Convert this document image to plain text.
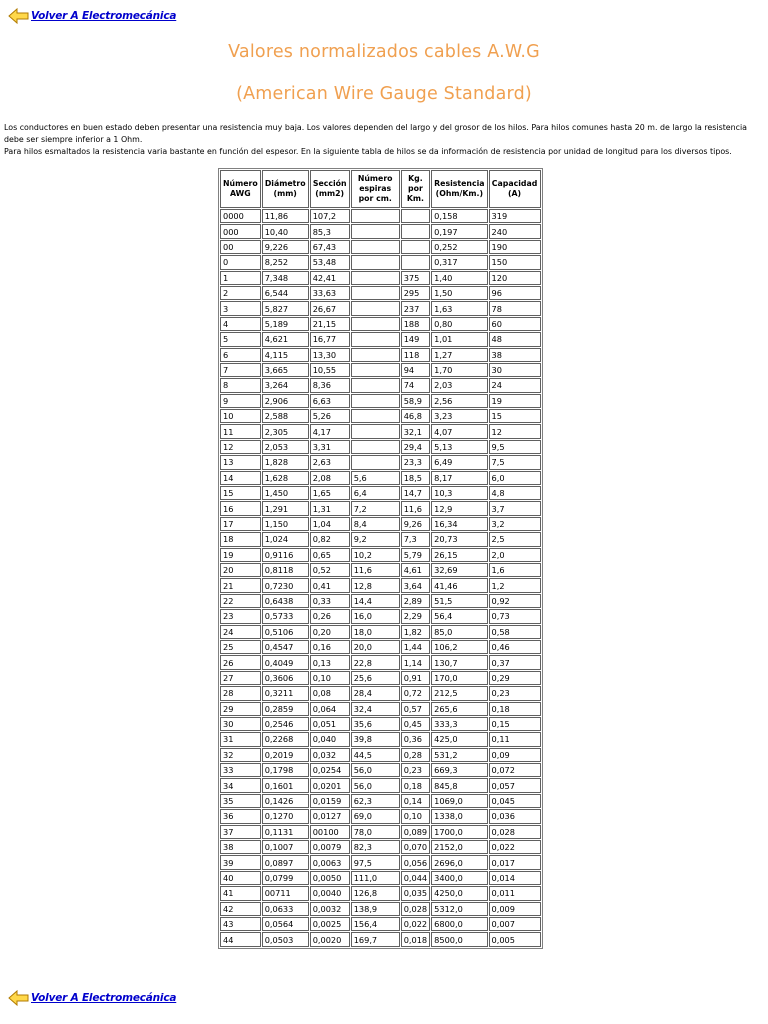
Volver A Electromecánica
Valores normalizados cables A.W.G
(American Wire Gauge Standard)

Los conductores en buen estado deben presentar una resistencia muy baja. Los valores dependen del largo y del grosor de los hilos. Para hilos comunes hasta 20 m. de largo la resistencia debe ser siempre inferior a 1 Ohm.

Para hilos esmaltados la resistencia varia bastante en función del espesor. En la siguiente tabla de hilos se da información de resistencia por unidad de longitud para los diversos tipos.

Número AWG	Diámetro (mm)	Sección (mm2)	Número espiras por cm.	Kg. por Km.	Resistencia (Ohm/Km.)	Capacidad (A)
0000	11,86	107,2			0,158	319
000	10,40	85,3			0,197	240
00	9,226	67,43			0,252	190
0	8,252	53,48			0,317	150
1	7,348	42,41		375	1,40	120
2	6,544	33,63		295	1,50	96
3	5,827	26,67		237	1,63	78
4	5,189	21,15		188	0,80	60
5	4,621	16,77		149	1,01	48
6	4,115	13,30		118	1,27	38
7	3,665	10,55		94	1,70	30
8	3,264	8,36		74	2,03	24
9	2,906	6,63		58,9	2,56	19
10	2,588	5,26		46,8	3,23	15
11	2,305	4,17		32,1	4,07	12
12	2,053	3,31		29,4	5,13	9,5
13	1,828	2,63		23,3	6,49	7,5
14	1,628	2,08	5,6	18,5	8,17	6,0
15	1,450	1,65	6,4	14,7	10,3	4,8
16	1,291	1,31	7,2	11,6	12,9	3,7
17	1,150	1,04	8,4	9,26	16,34	3,2
18	1,024	0,82	9,2	7,3	20,73	2,5
19	0,9116	0,65	10,2	5,79	26,15	2,0
20	0,8118	0,52	11,6	4,61	32,69	1,6
21	0,7230	0,41	12,8	3,64	41,46	1,2
22	0,6438	0,33	14,4	2,89	51,5	0,92
23	0,5733	0,26	16,0	2,29	56,4	0,73
24	0,5106	0,20	18,0	1,82	85,0	0,58
25	0,4547	0,16	20,0	1,44	106,2	0,46
26	0,4049	0,13	22,8	1,14	130,7	0,37
27	0,3606	0,10	25,6	0,91	170,0	0,29
28	0,3211	0,08	28,4	0,72	212,5	0,23
29	0,2859	0,064	32,4	0,57	265,6	0,18
30	0,2546	0,051	35,6	0,45	333,3	0,15
31	0,2268	0,040	39,8	0,36	425,0	0,11
32	0,2019	0,032	44,5	0,28	531,2	0,09
33	0,1798	0,0254	56,0	0,23	669,3	0,072
34	0,1601	0,0201	56,0	0,18	845,8	0,057
35	0,1426	0,0159	62,3	0,14	1069,0	0,045
36	0,1270	0,0127	69,0	0,10	1338,0	0,036
37	0,1131	00100	78,0	0,089	1700,0	0,028
38	0,1007	0,0079	82,3	0,070	2152,0	0,022
39	0,0897	0,0063	97,5	0,056	2696,0	0,017
40	0,0799	0,0050	111,0	0,044	3400,0	0,014
41	00711	0,0040	126,8	0,035	4250,0	0,011
42	0,0633	0,0032	138,9	0,028	5312,0	0,009
43	0,0564	0,0025	156,4	0,022	6800,0	0,007
44	0,0503	0,0020	169,7	0,018	8500,0	0,005
Volver A Electromecánica
